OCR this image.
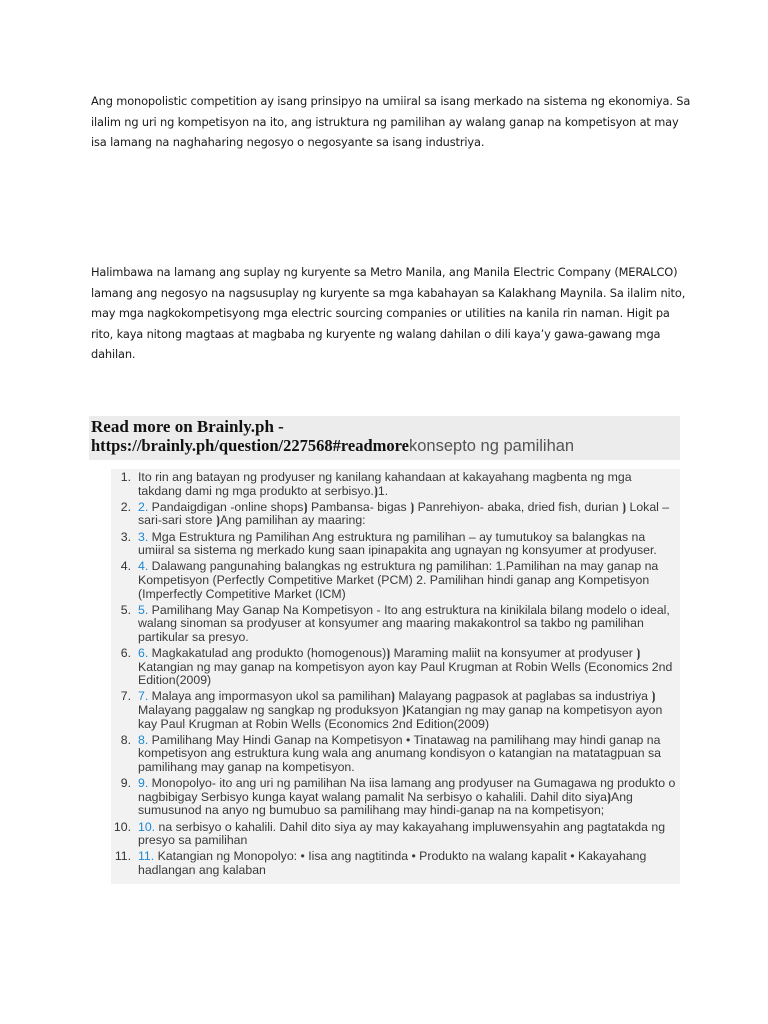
Ang monopolistic competition ay isang prinsipyo na umiiral sa isang merkado na sistema ng ekonomiya. Sa ilalim ng uri ng kompetisyon na ito, ang istruktura ng pamilihan ay walang ganap na kompetisyon at may isa lamang na naghaharing negosyo o negosyante sa isang industriya.

Halimbawa na lamang ang suplay ng kuryente sa Metro Manila, ang Manila Electric Company (MERALCO) lamang ang negosyo na nagsusuplay ng kuryente sa mga kabahayan sa Kalakhang Maynila. Sa ilalim nito, may mga nagkokompetisyong mga electric sourcing companies or utilities na kanila rin naman. Higit pa rito, kaya nitong magtaas at magbaba ng kuryente ng walang dahilan o dili kaya’y gawa-gawang mga dahilan.

Read more on Brainly.ph -
https://brainly.ph/question/227568#readmorekonsepto ng pamilihan
1. Ito rin ang batayan ng prodyuser ng kanilang kahandaan at kakayahang magbenta ng mga takdang dami ng mga produkto at serbisyo.⦘1.
2. 2. Pandaigdigan -online shops⦘ Pambansa- bigas ⦘ Panrehiyon- abaka, dried fish, durian ⦘ Lokal – sari-sari store ⦘Ang pamilihan ay maaring:
3. 3. Mga Estruktura ng Pamilihan Ang estruktura ng pamilihan – ay tumutukoy sa balangkas na umiiral sa sistema ng merkado kung saan ipinapakita ang ugnayan ng konsyumer at prodyuser.
4. 4. Dalawang pangunahing balangkas ng estruktura ng pamilihan: 1.Pamilihan na may ganap na Kompetisyon (Perfectly Competitive Market (PCM) 2. Pamilihan hindi ganap ang Kompetisyon (Imperfectly Competitive Market (ICM)
5. 5. Pamilihang May Ganap Na Kompetisyon - Ito ang estruktura na kinikilala bilang modelo o ideal, walang sinoman sa prodyuser at konsyumer ang maaring makakontrol sa takbo ng pamilihan partikular sa presyo.
6. 6. Magkakatulad ang produkto (homogenous)⦘ Maraming maliit na konsyumer at prodyuser ⦘Katangian ng may ganap na kompetisyon ayon kay Paul Krugman at Robin Wells (Economics 2nd Edition(2009)
7. 7. Malaya ang impormasyon ukol sa pamilihan⦘ Malayang pagpasok at paglabas sa industriya ⦘ Malayang paggalaw ng sangkap ng produksyon ⦘Katangian ng may ganap na kompetisyon ayon kay Paul Krugman at Robin Wells (Economics 2nd Edition(2009)
8. 8. Pamilihang May Hindi Ganap na Kompetisyon • Tinatawag na pamilihang may hindi ganap na kompetisyon ang estruktura kung wala ang anumang kondisyon o katangian na matatagpuan sa pamilihang may ganap na kompetisyon.
9. 9. Monopolyo- ito ang uri ng pamilihan Na iisa lamang ang prodyuser na Gumagawa ng produkto o nagbibigay Serbisyo kunga kayat walang pamalit Na serbisyo o kahalili. Dahil dito siya⦘Ang sumusunod na anyo ng bumubuo sa pamilihang may hindi-ganap na na kompetisyon;
10. 10. na serbisyo o kahalili. Dahil dito siya ay may kakayahang impluwensyahin ang pagtatakda ng presyo sa pamilihan
11. 11. Katangian ng Monopolyo: • Iisa ang nagtitinda • Produkto na walang kapalit • Kakayahang hadlangan ang kalaban
